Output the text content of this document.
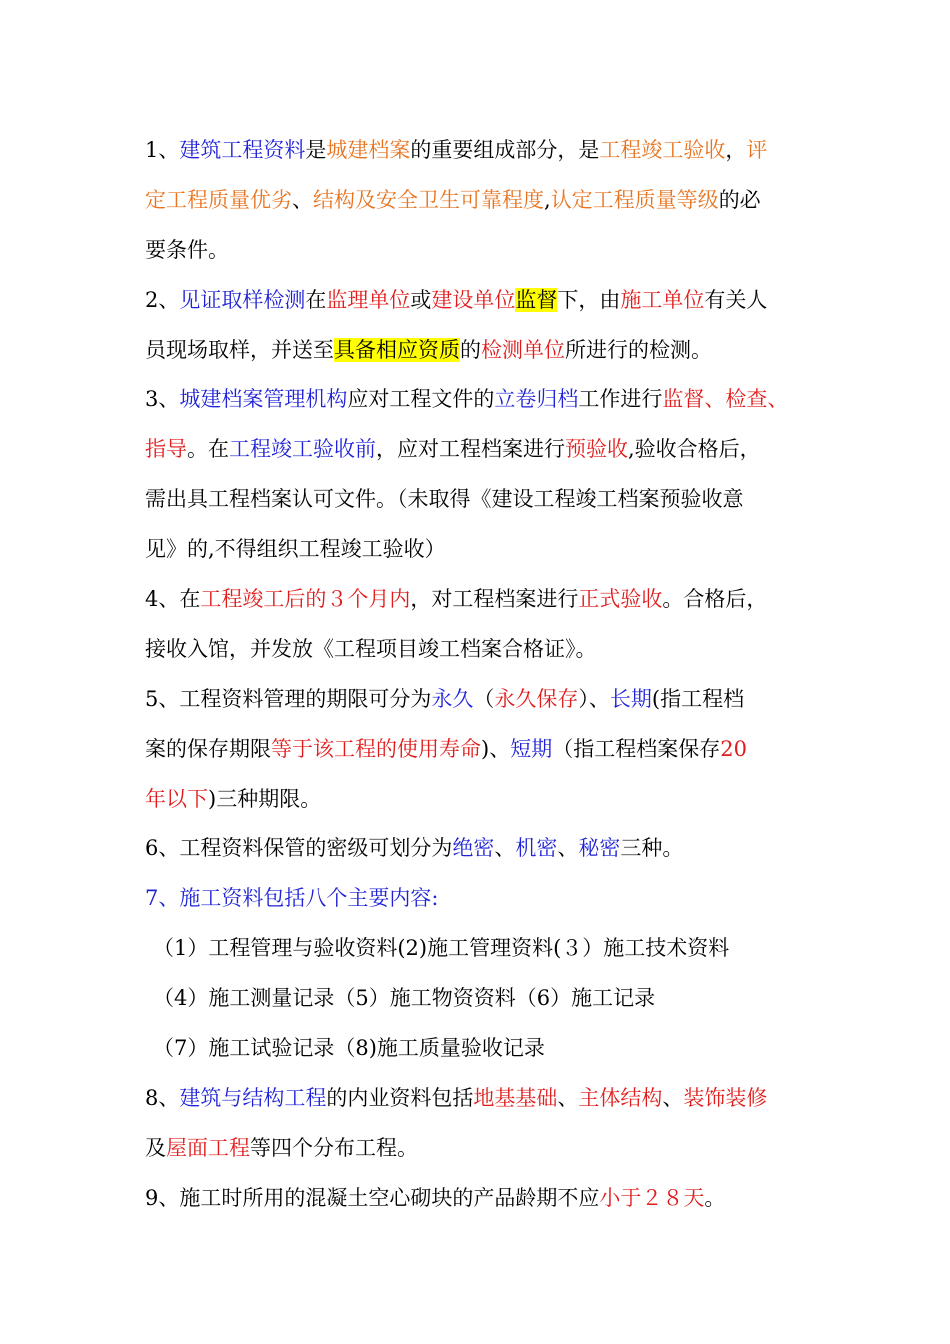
1、建筑工程资料是城建档案的重要组成部分，是工程竣工验收，评
定工程质量优劣、结构及安全卫生可靠程度,认定工程质量等级的必
要条件。
2、见证取样检测在监理单位或建设单位监督下，由施工单位有关人
员现场取样，并送至具备相应资质的检测单位所进行的检测。
3、城建档案管理机构应对工程文件的立卷归档工作进行监督、检查、
指导。在工程竣工验收前，应对工程档案进行预验收,验收合格后，
需出具工程档案认可文件。（未取得《建设工程竣工档案预验收意
见》的,不得组织工程竣工验收）
4、在工程竣工后的３个月内，对工程档案进行正式验收。合格后，
接收入馆，并发放《工程项目竣工档案合格证》。
5、工程资料管理的期限可分为永久（永久保存）、长期(指工程档
案的保存期限等于该工程的使用寿命)、短期（指工程档案保存20
年以下)三种期限。
6、工程资料保管的密级可划分为绝密、机密、秘密三种。
7、施工资料包括八个主要内容:
（1）工程管理与验收资料(2)施工管理资料(３）施工技术资料
（4）施工测量记录（5）施工物资资料（6）施工记录
（7）施工试验记录（8)施工质量验收记录
8、建筑与结构工程的内业资料包括地基基础、主体结构、装饰装修
及屋面工程等四个分布工程。
9、施工时所用的混凝土空心砌块的产品龄期不应小于２８天。
